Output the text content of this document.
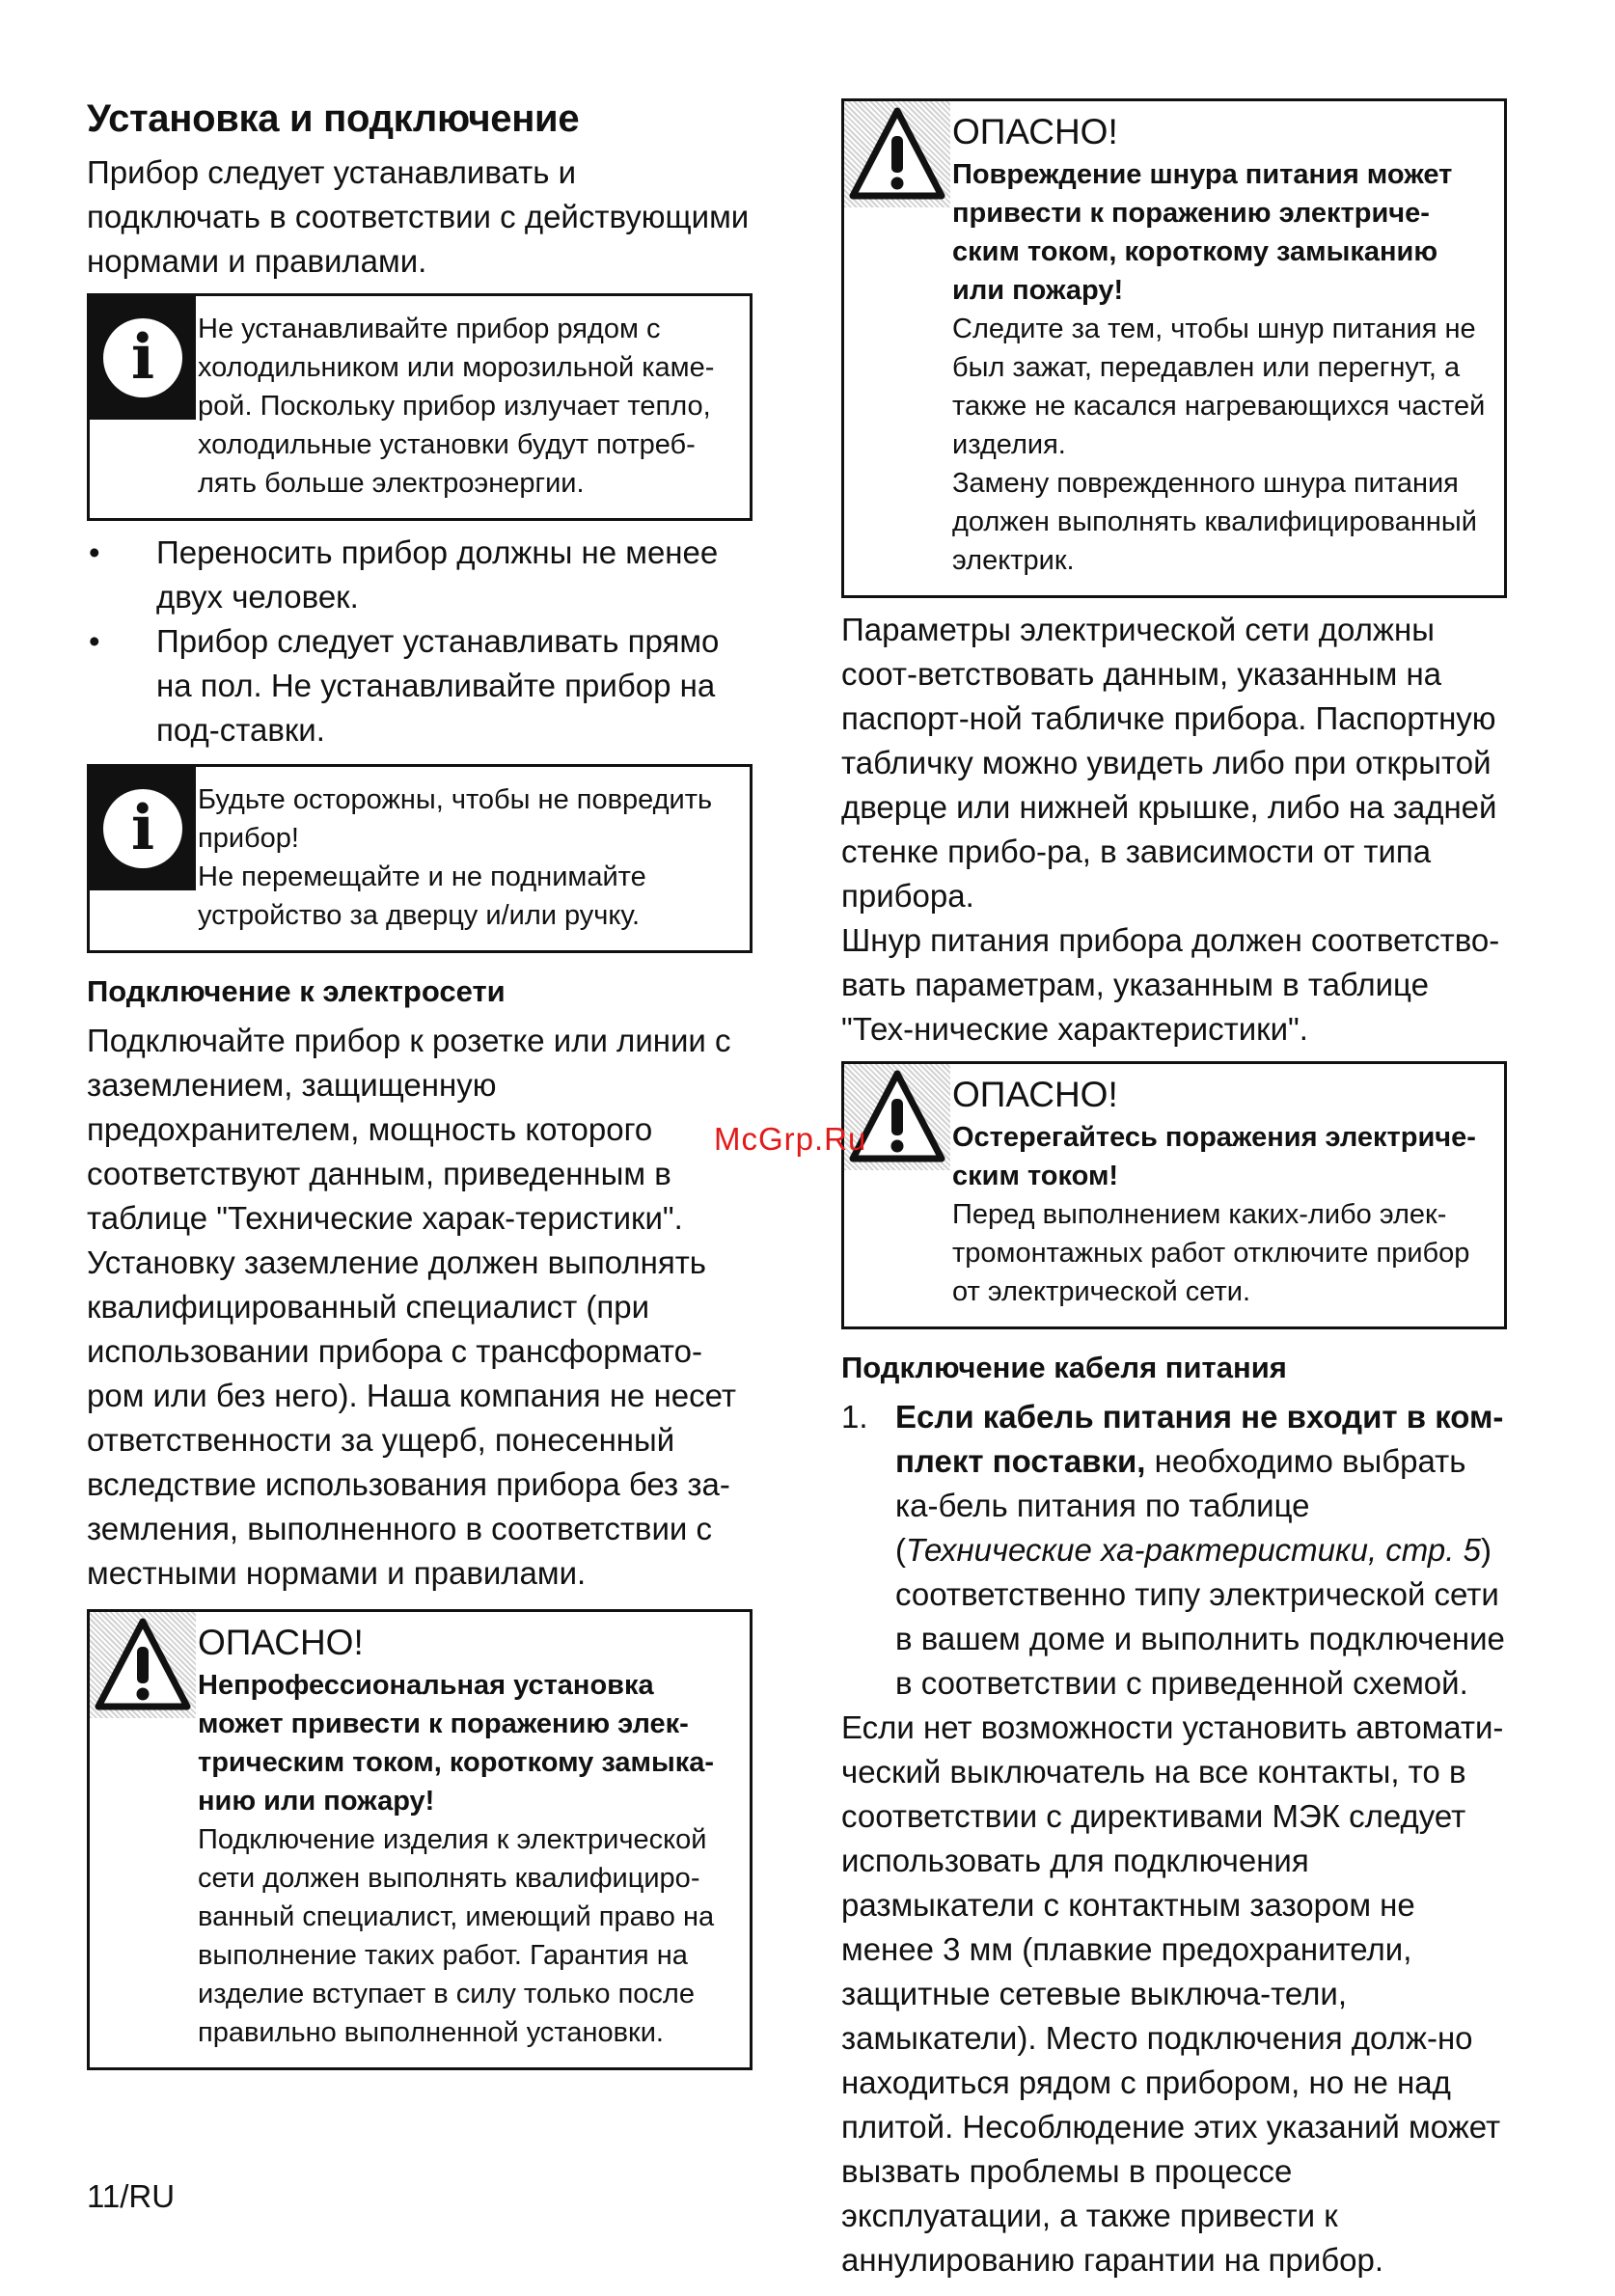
Установка и подключение

Прибор следует устанавливать и подключать в соответствии с действующими нормами и правилами.

i	Не устанавливайте прибор рядом с холодильником или морозильной каме-рой. Поскольку прибор излучает тепло, холодильные установки будут потреб-лять больше электроэнергии.
• Переносить прибор должны не менее двух человек.
• Прибор следует устанавливать прямо на пол. Не устанавливайте прибор на под-ставки.
i	Будьте осторожны, чтобы не повредить прибор!
Не перемещайте и не поднимайте устройство за дверцу и/или ручку.
Подключение к электросети

Подключайте прибор к розетке или линии с заземлением, защищенную предохранителем, мощность которого соответствуют данным, приведенным в таблице "Технические харак-теристики". Установку заземление должен выполнять квалифицированный специалист (при использовании прибора с трансформато-ром или без него). Наша компания не несет ответственности за ущерб, понесенный вследствие использования прибора без за-земления, выполненного в соответствии с местными нормами и правилами.

ОПАСНО!
Непрофессиональная установка может привести к поражению элек-трическим током, короткому замыка-нию или пожару!
Подключение изделия к электрической сети должен выполнять квалифициро-ванный специалист, имеющий право на выполнение таких работ. Гарантия на изделие вступает в силу только после правильно выполненной установки.
ОПАСНО!
Повреждение шнура питания может привести к поражению электриче-ским током, короткому замыканию или пожару!
Следите за тем, чтобы шнур питания не был зажат, передавлен или перегнут, а также не касался нагревающихся частей изделия.
Замену поврежденного шнура питания должен выполнять квалифицированный электрик.

Параметры электрической сети должны соот-ветствовать данным, указанным на паспорт-ной табличке прибора. Паспортную табличку можно увидеть либо при открытой дверце или нижней крышке, либо на задней стенке прибо-ра, в зависимости от типа прибора.

Шнур питания прибора должен соответство-вать параметрам, указанным в таблице "Тех-нические характеристики".

ОПАСНО!
Остерегайтесь поражения электриче-ским током!
Перед выполнением каких-либо элек-тромонтажных работ отключите прибор от электрической сети.
Подключение кабеля питания
1. Если кабель питания не входит в ком-плект поставки, необходимо выбрать ка-бель питания по таблице (Технические ха-рактеристики, стр. 5) соответственно типу электрической сети в вашем доме и выполнить подключение в соответствии с приведенной схемой.

Если нет возможности установить автомати-ческий выключатель на все контакты, то в соответствии с директивами МЭК следует использовать для подключения размыкатели с контактным зазором не менее 3 мм (плавкие предохранители, защитные сетевые выключа-тели, замыкатели). Место подключения долж-но находиться рядом с прибором, но не над плитой. Несоблюдение этих указаний может вызвать проблемы в процессе эксплуатации, а также привести к аннулированию гарантии на прибор.

McGrp.Ru
11/RU
